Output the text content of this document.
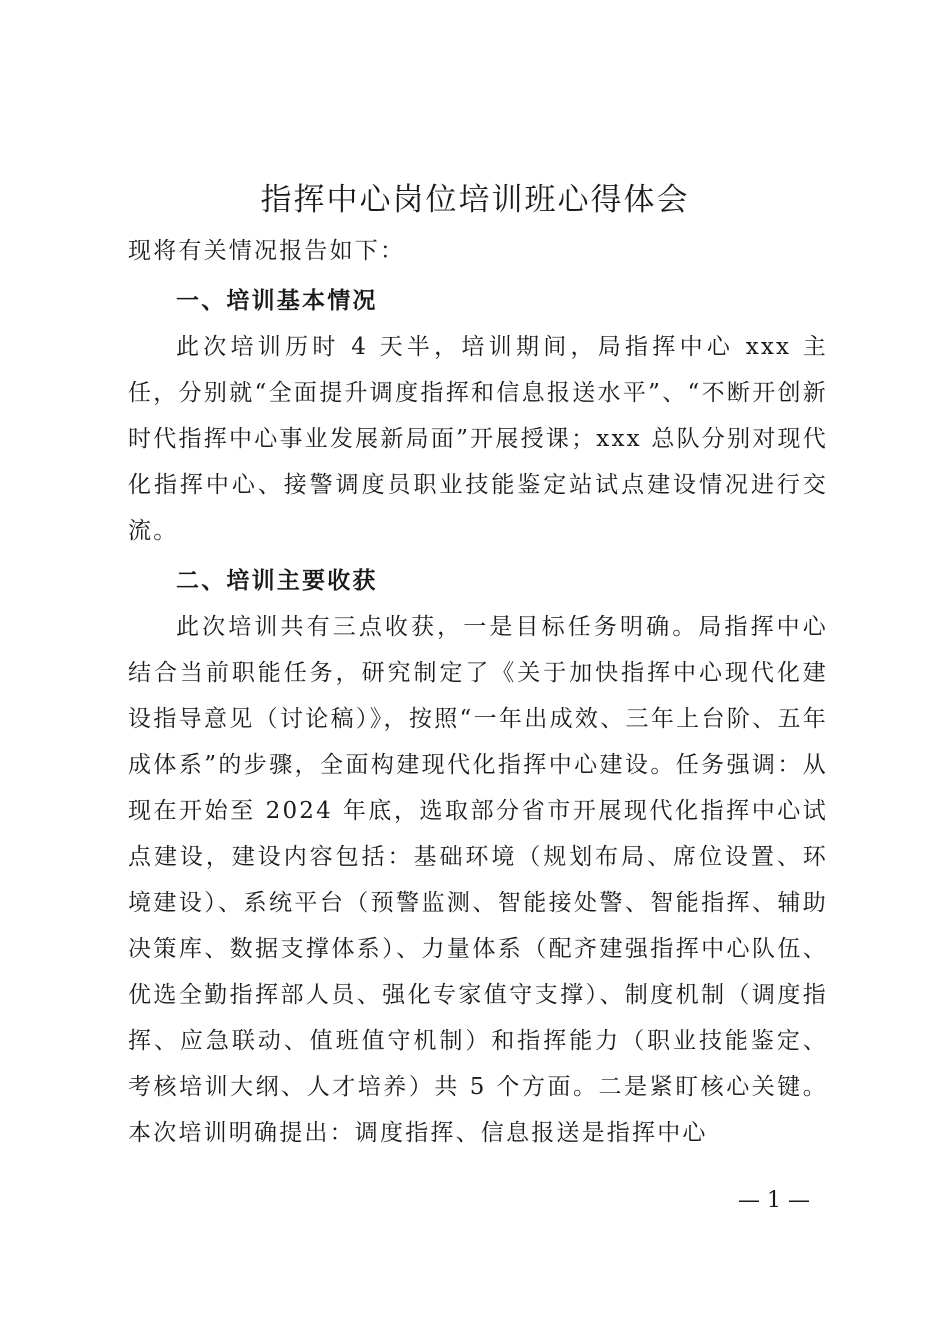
指挥中心岗位培训班心得体会

现将有关情况报告如下：

一、培训基本情况

此次培训历时 4 天半，培训期间，局指挥中心 xxx 主任，分别就“全面提升调度指挥和信息报送水平”、“不断开创新时代指挥中心事业发展新局面”开展授课；xxx 总队分别对现代化指挥中心、接警调度员职业技能鉴定站试点建设情况进行交流。

二、培训主要收获

此次培训共有三点收获，一是目标任务明确。局指挥中心结合当前职能任务，研究制定了《关于加快指挥中心现代化建设指导意见（讨论稿）》，按照“一年出成效、三年上台阶、五年成体系”的步骤，全面构建现代化指挥中心建设。任务强调：从现在开始至 2024 年底，选取部分省市开展现代化指挥中心试点建设，建设内容包括：基础环境（规划布局、席位设置、环境建设）、系统平台（预警监测、智能接处警、智能指挥、辅助决策库、数据支撑体系）、力量体系（配齐建强指挥中心队伍、优选全勤指挥部人员、强化专家值守支撑）、制度机制（调度指挥、应急联动、值班值守机制）和指挥能力（职业技能鉴定、考核培训大纲、人才培养）共 5 个方面。二是紧盯核心关键。本次培训明确提出：调度指挥、信息报送是指挥中心

— 1 —
